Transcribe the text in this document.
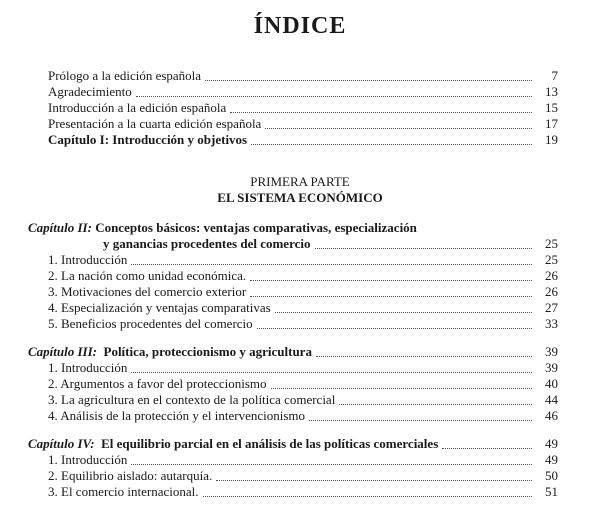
ÍNDICE
Prólogo a la edición española	7
Agradecimiento	13
Introducción a la edición española	15
Presentación a la cuarta edición española	17
Capítulo I: Introducción y objetivos	19
PRIMERA PARTE
EL SISTEMA ECONÓMICO
Capítulo II: Conceptos básicos: ventajas comparativas, especialización
y ganancias procedentes del comercio	25
1. Introducción	25
2. La nación como unidad económica.	26
3. Motivaciones del comercio exterior	26
4. Especialización y ventajas comparativas	27
5. Beneficios procedentes del comercio	33
Capítulo III: Política, proteccionismo y agricultura	39
1. Introducción	39
2. Argumentos a favor del proteccionismo	40
3. La agricultura en el contexto de la política comercial	44
4. Análisis de la protección y el intervencionismo	46
Capítulo IV: El equilibrio parcial en el análisis de las políticas comerciales	49
1. Introducción	49
2. Equilibrio aislado: autarquía.	50
3. El comercio internacional.	51
